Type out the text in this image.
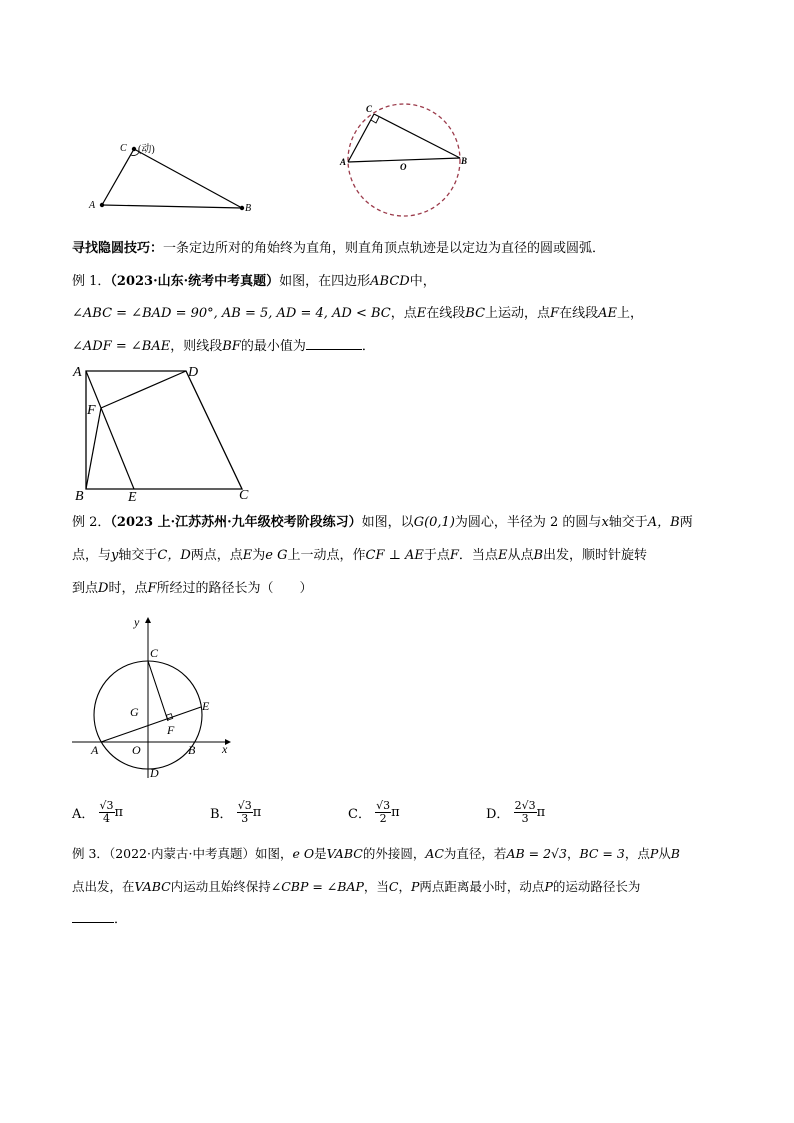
C (动)
A	B
C
O
A	B
寻找隐圆技巧：一条定边所对的角始终为直角，则直角顶点轨迹是以定边为直径的圆或圆弧．
例 1．（2023·山东·统考中考真题）如图，在四边形ABCD中，
∠ABC = ∠BAD = 90°, AB = 5, AD = 4, AD < BC，点E在线段BC上运动，点F在线段AE上，
∠ADF = ∠BAE，则线段BF的最小值为	．
A	D
F
B	E	C
例 2．（2023 上·江苏苏州·九年级校考阶段练习）如图，以G(0,1)为圆心，半径为 2 的圆与x轴交于A，B两
点，与y轴交于C，D两点，点E为e G上一动点，作CF ⊥ AE于点F．当点E从点B出发，顺时针旋转
到点D时，点F所经过的路径长为（　　）
y
x
C
G	E
F
A	O	B
D
A． $\frac{√3}{4}$ π	B． $\frac{√3}{3}$ π	C． $\frac{√3}{2}$ π	D． $\frac{2√3}{3}$ π
例 3．（2022·内蒙古·中考真题）如图，e O是VABC的外接圆，AC为直径，若AB = 2√3，BC = 3，点P从B
点出发，在VABC内运动且始终保持∠CBP = ∠BAP，当C，P两点距离最小时，动点P的运动路径长为
．
